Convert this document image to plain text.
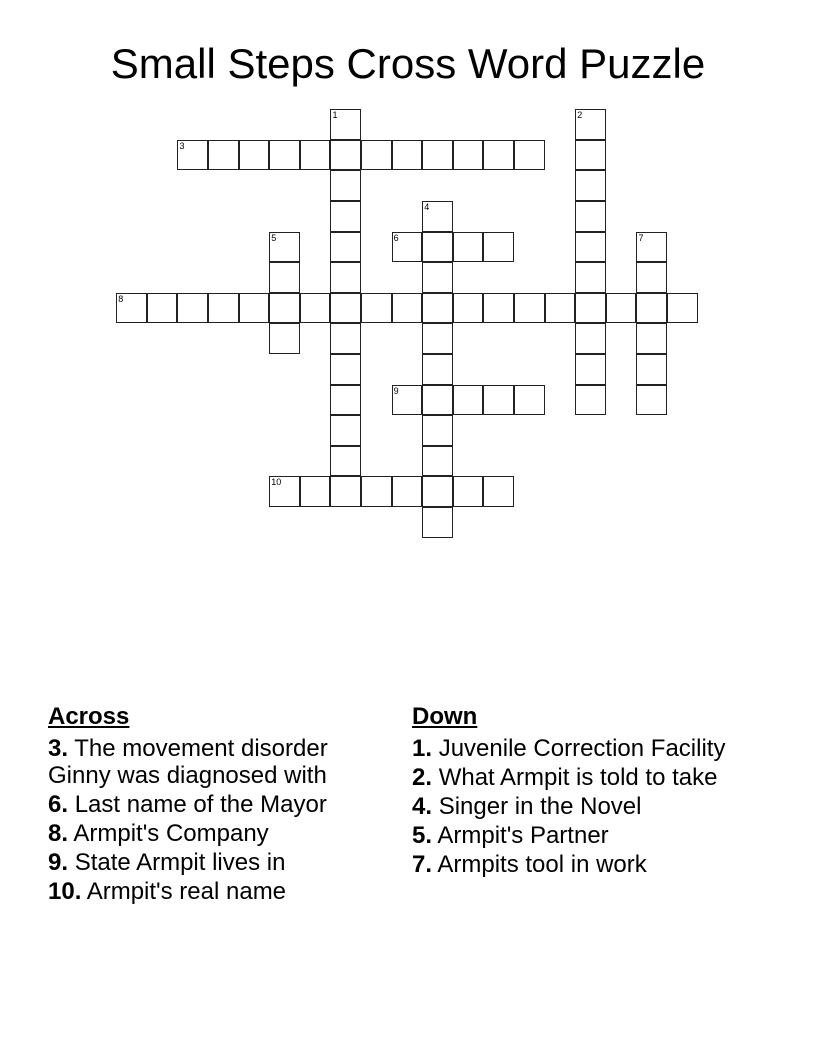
Small Steps Cross Word Puzzle
1	2
3
4
5	6	7
8
9
10
Across
3. The movement disorder Ginny was diagnosed with
6. Last name of the Mayor
8. Armpit's Company
9. State Armpit lives in
10. Armpit's real name
Down
1. Juvenile Correction Facility
2. What Armpit is told to take
4. Singer in the Novel
5. Armpit's Partner
7. Armpits tool in work
